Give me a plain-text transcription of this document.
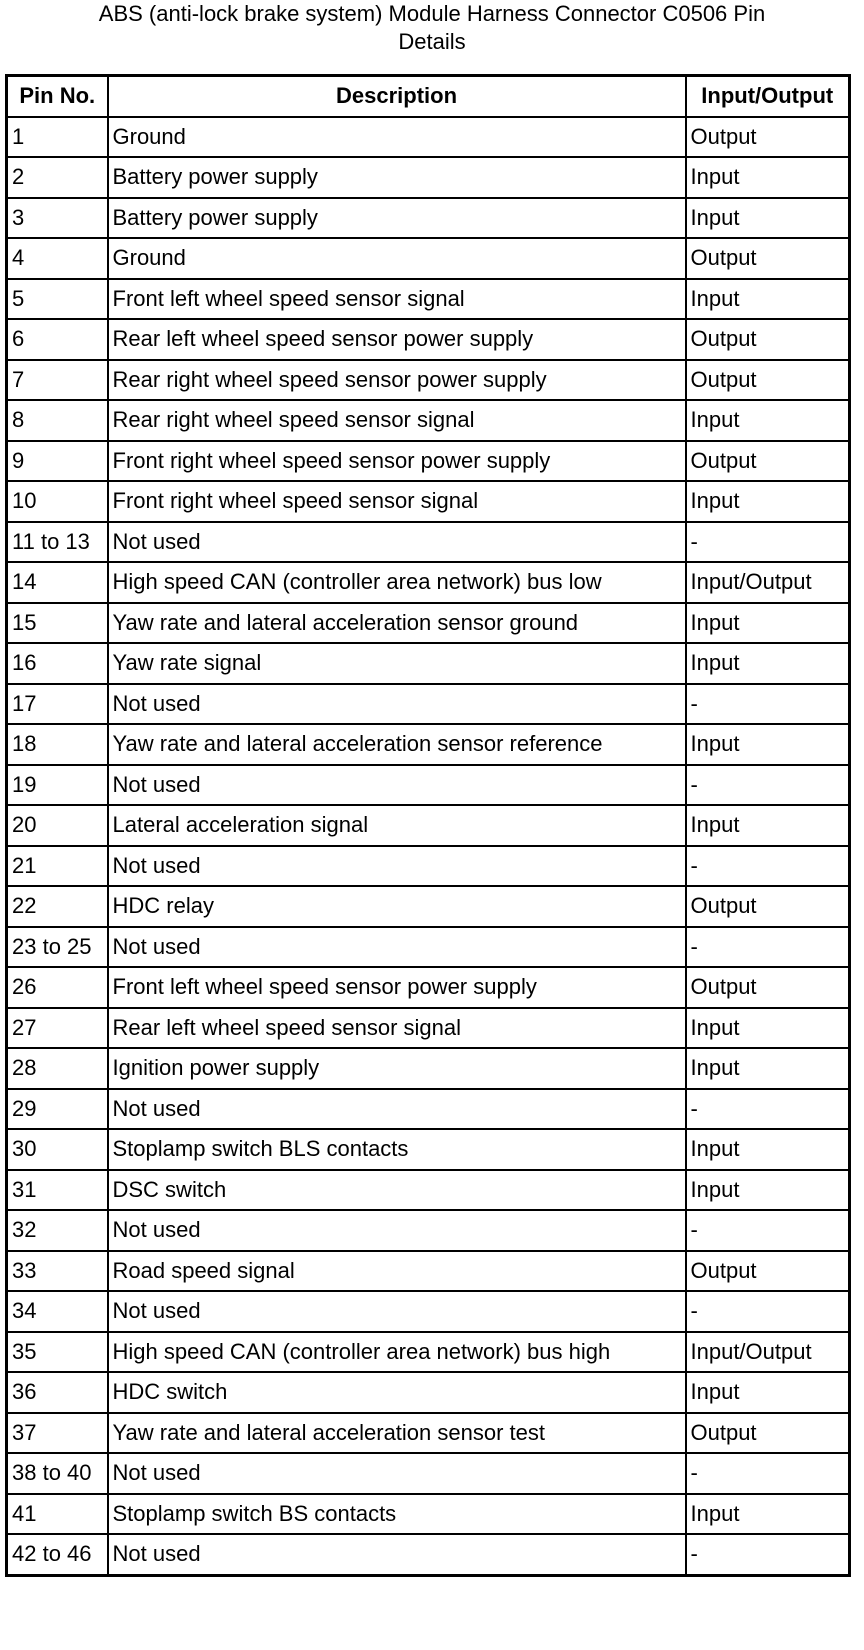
ABS (anti-lock brake system) Module Harness Connector C0506 Pin
Details
Pin No.	Description	Input/Output
1	Ground	Output
2	Battery power supply	Input
3	Battery power supply	Input
4	Ground	Output
5	Front left wheel speed sensor signal	Input
6	Rear left wheel speed sensor power supply	Output
7	Rear right wheel speed sensor power supply	Output
8	Rear right wheel speed sensor signal	Input
9	Front right wheel speed sensor power supply	Output
10	Front right wheel speed sensor signal	Input
11 to 13	Not used	-
14	High speed CAN (controller area network) bus low	Input/Output
15	Yaw rate and lateral acceleration sensor ground	Input
16	Yaw rate signal	Input
17	Not used	-
18	Yaw rate and lateral acceleration sensor reference	Input
19	Not used	-
20	Lateral acceleration signal	Input
21	Not used	-
22	HDC relay	Output
23 to 25	Not used	-
26	Front left wheel speed sensor power supply	Output
27	Rear left wheel speed sensor signal	Input
28	Ignition power supply	Input
29	Not used	-
30	Stoplamp switch BLS contacts	Input
31	DSC switch	Input
32	Not used	-
33	Road speed signal	Output
34	Not used	-
35	High speed CAN (controller area network) bus high	Input/Output
36	HDC switch	Input
37	Yaw rate and lateral acceleration sensor test	Output
38 to 40	Not used	-
41	Stoplamp switch BS contacts	Input
42 to 46	Not used	-
